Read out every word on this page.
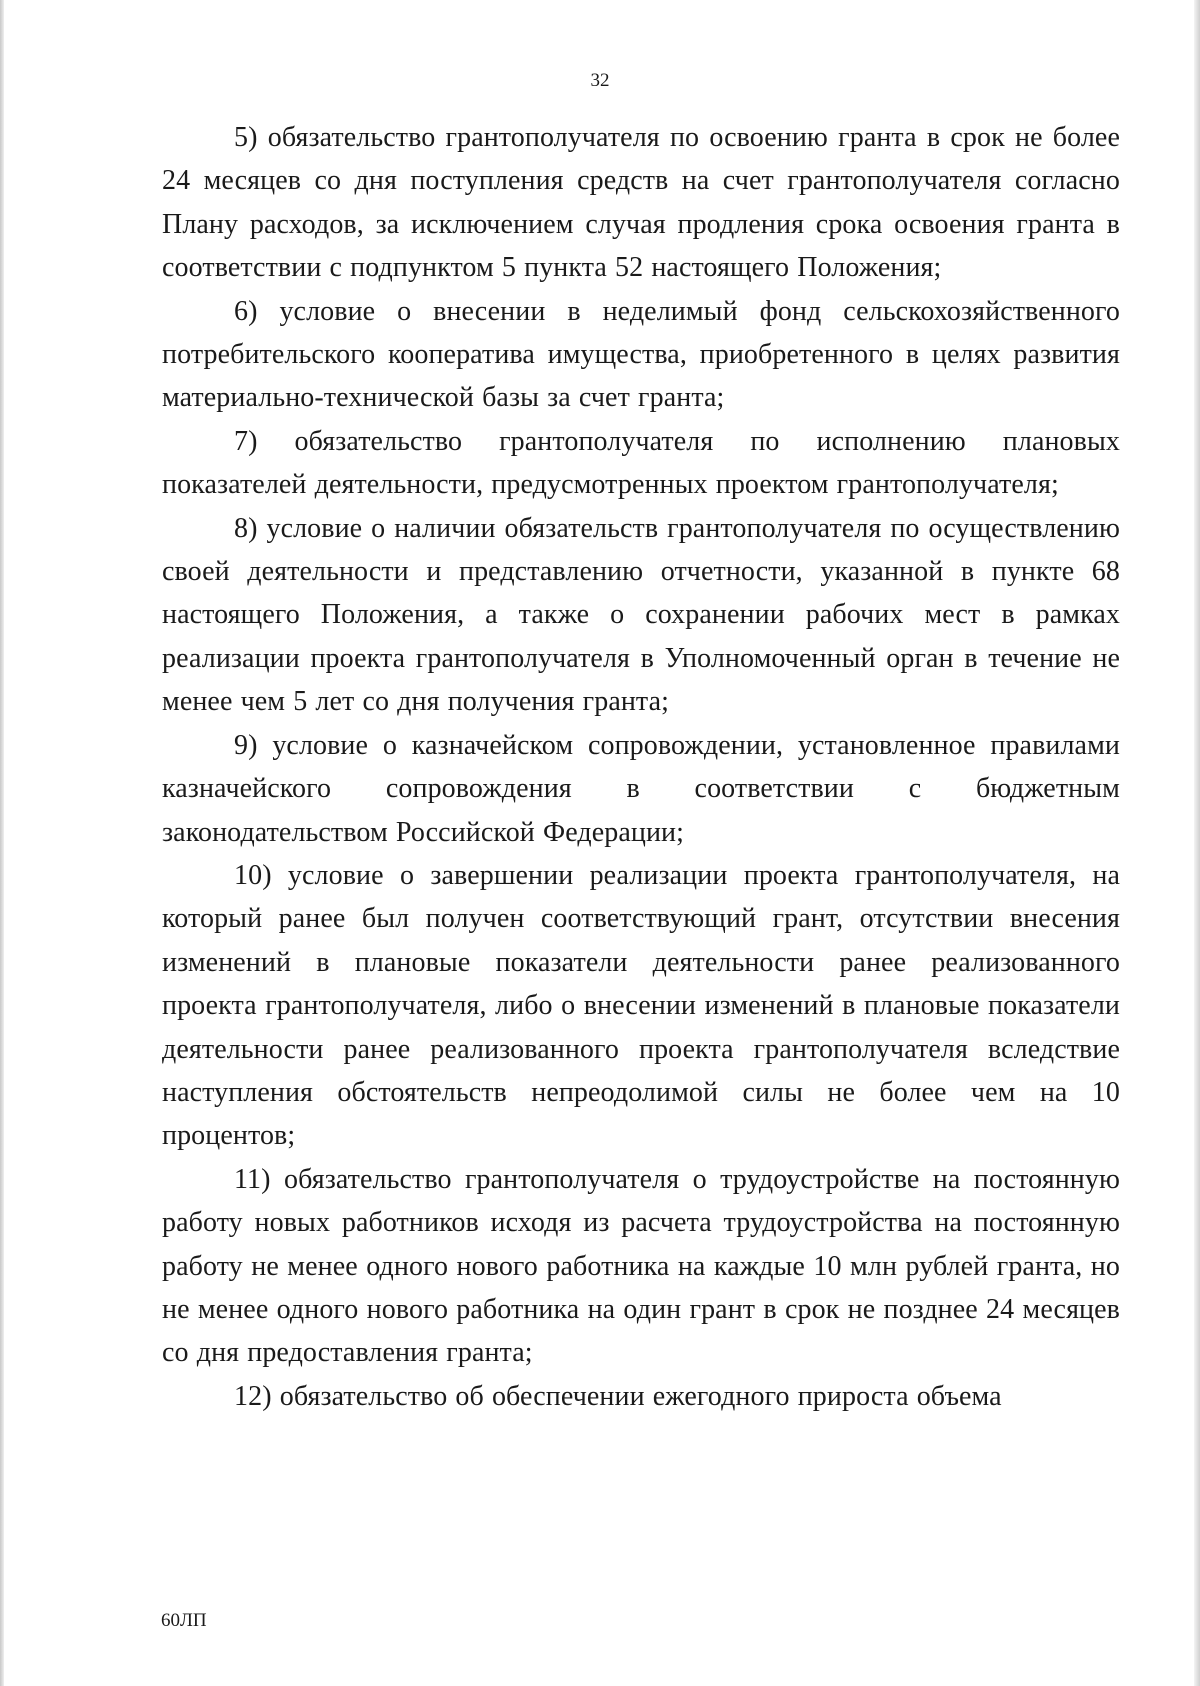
32

5) обязательство грантополучателя по освоению гранта в срок не более 24 месяцев со дня поступления средств на счет грантополучателя согласно Плану расходов, за исключением случая продления срока освоения гранта в соответствии с подпунктом 5 пункта 52 настоящего Положения;

6) условие о внесении в неделимый фонд сельскохозяйственного потребительского кооператива имущества, приобретенного в целях развития материально-технической базы за счет гранта;

7) обязательство грантополучателя по исполнению плановых показателей деятельности, предусмотренных проектом грантополучателя;

8) условие о наличии обязательств грантополучателя по осуществлению своей деятельности и представлению отчетности, указанной в пункте 68 настоящего Положения, а также о сохранении рабочих мест в рамках реализации проекта грантополучателя в Уполномоченный орган в течение не менее чем 5 лет со дня получения гранта;

9) условие о казначейском сопровождении, установленное правилами казначейского сопровождения в соответствии с бюджетным законодательством Российской Федерации;

10) условие о завершении реализации проекта грантополучателя, на который ранее был получен соответствующий грант, отсутствии внесения изменений в плановые показатели деятельности ранее реализованного проекта грантополучателя, либо о внесении изменений в плановые показатели деятельности ранее реализованного проекта грантополучателя вследствие наступления обстоятельств непреодолимой силы не более чем на 10 процентов;

11) обязательство грантополучателя о трудоустройстве на постоянную работу новых работников исходя из расчета трудоустройства на постоянную работу не менее одного нового работника на каждые 10 млн рублей гранта, но не менее одного нового работника на один грант в срок не позднее 24 месяцев со дня предоставления гранта;

12) обязательство об обеспечении ежегодного прироста объема

60ЛП
